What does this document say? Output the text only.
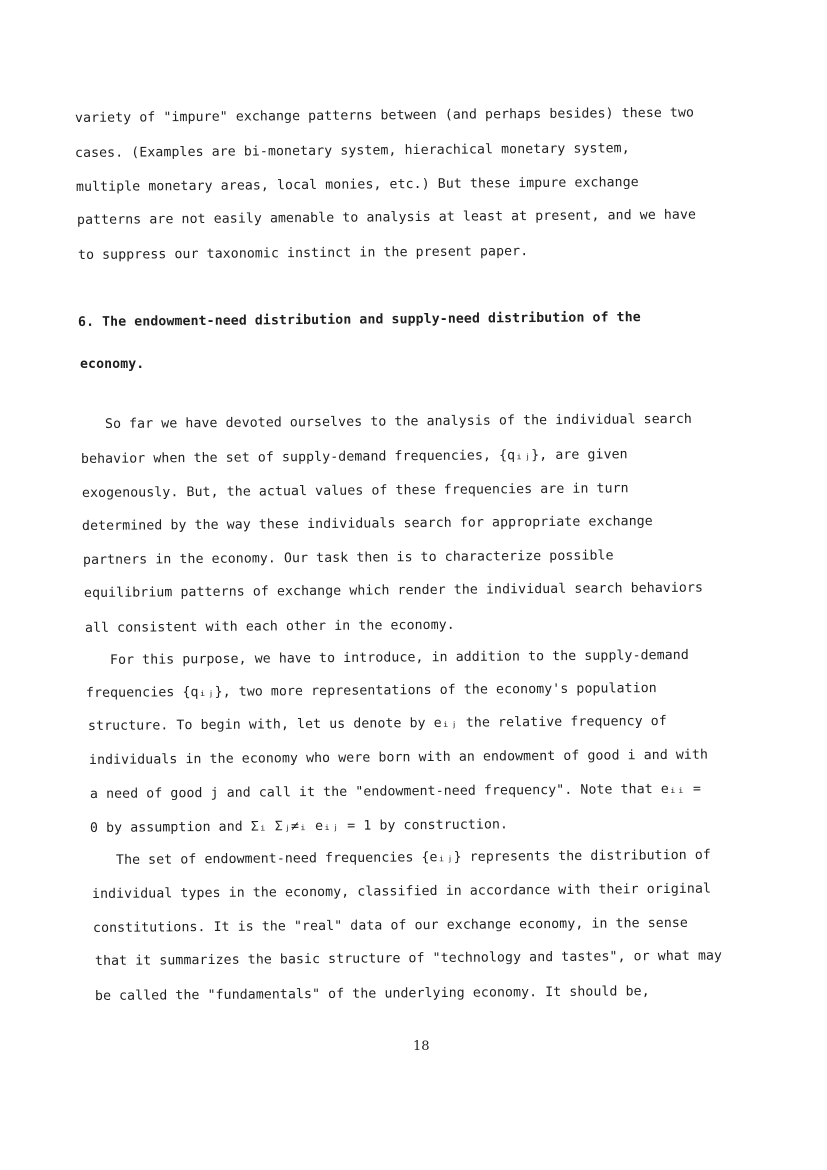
variety of "impure" exchange patterns between (and perhaps besides) these two
cases. (Examples are bi-monetary system, hierachical monetary system,
multiple monetary areas, local monies, etc.) But these impure exchange
patterns are not easily amenable to analysis at least at present, and we have
to suppress our taxonomic instinct in the present paper.
6. The endowment-need distribution and supply-need distribution of the
economy.
So far we have devoted ourselves to the analysis of the individual search
behavior when the set of supply-demand frequencies, {qᵢⱼ}, are given
exogenously. But, the actual values of these frequencies are in turn
determined by the way these individuals search for appropriate exchange
partners in the economy. Our task then is to characterize possible
equilibrium patterns of exchange which render the individual search behaviors
all consistent with each other in the economy.
For this purpose, we have to introduce, in addition to the supply-demand
frequencies {qᵢⱼ}, two more representations of the economy's population
structure. To begin with, let us denote by eᵢⱼ the relative frequency of
individuals in the economy who were born with an endowment of good i and with
a need of good j and call it the "endowment-need frequency". Note that eᵢᵢ =
0 by assumption and Σᵢ Σⱼ≠ᵢ eᵢⱼ = 1 by construction.
The set of endowment-need frequencies {eᵢⱼ} represents the distribution of
individual types in the economy, classified in accordance with their original
constitutions. It is the "real" data of our exchange economy, in the sense
that it summarizes the basic structure of "technology and tastes", or what may
be called the "fundamentals" of the underlying economy. It should be,
18
